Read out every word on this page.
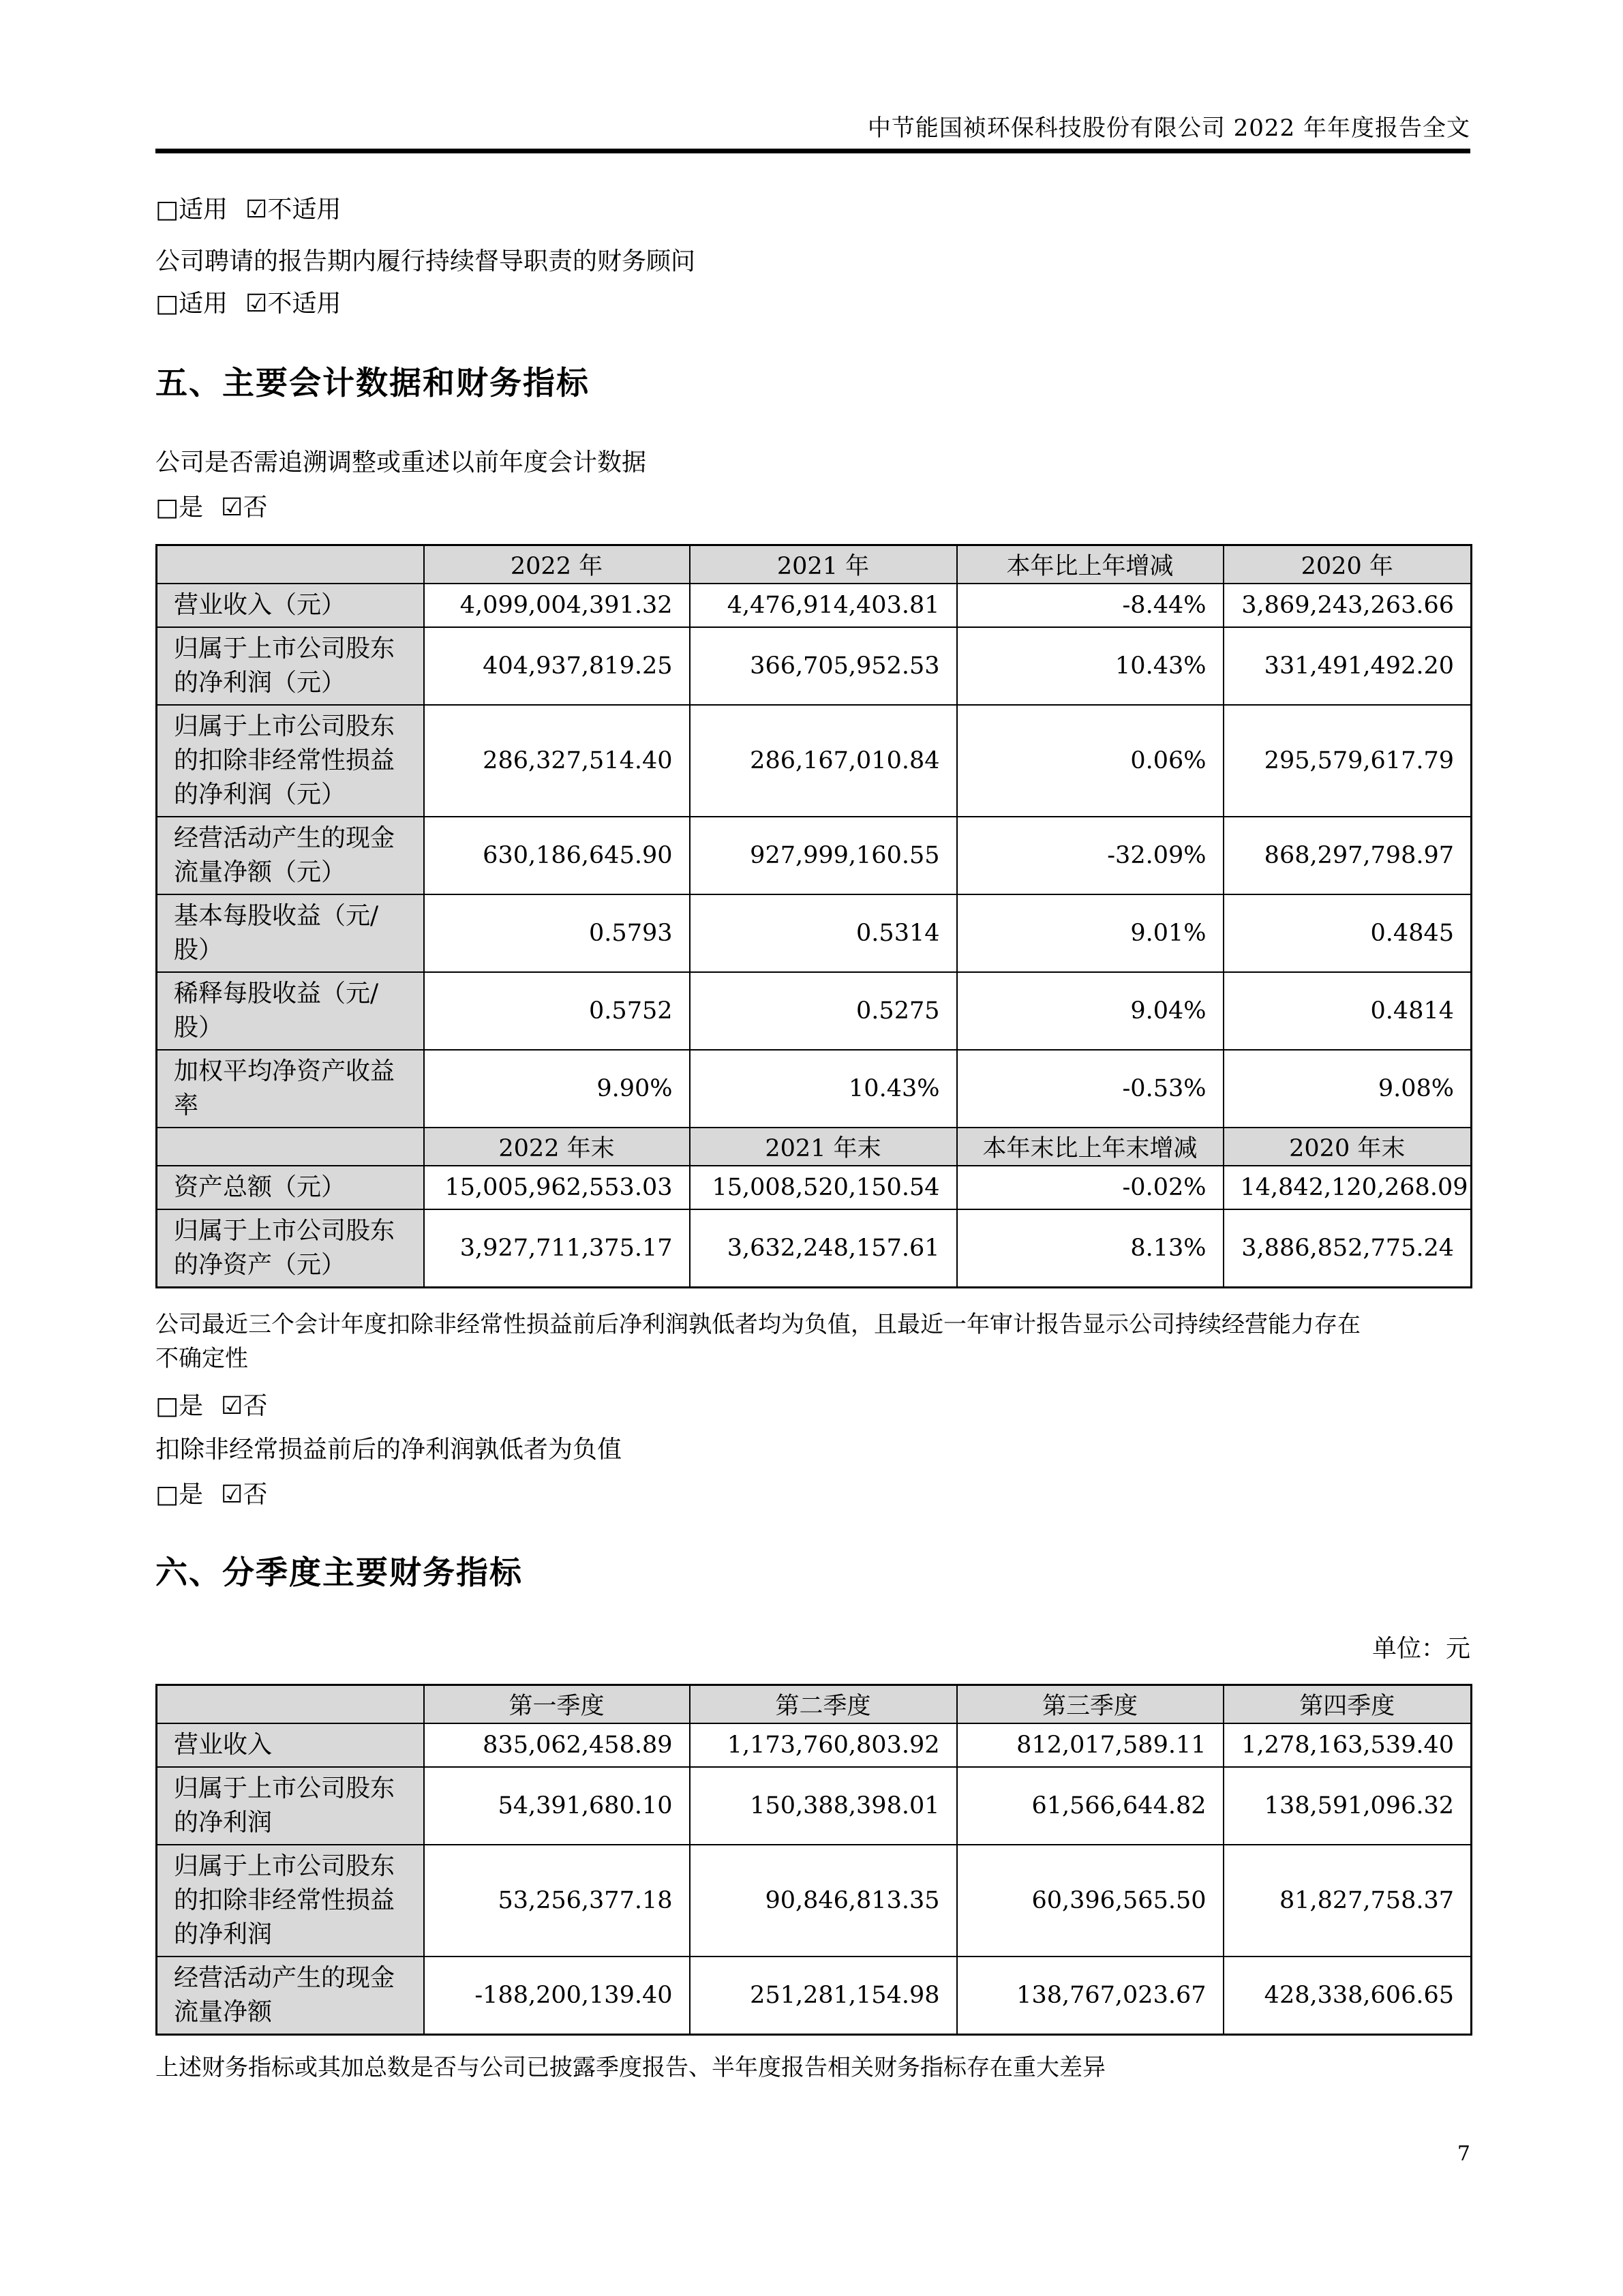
中节能国祯环保科技股份有限公司 2022 年年度报告全文
□适用 ☑不适用
公司聘请的报告期内履行持续督导职责的财务顾问
□适用 ☑不适用
五、主要会计数据和财务指标
公司是否需追溯调整或重述以前年度会计数据
□是 ☑否
	2022 年	2021 年	本年比上年增减	2020 年
营业收入（元）	4,099,004,391.32	4,476,914,403.81	-8.44%	3,869,243,263.66
归属于上市公司股东的净利润（元）	404,937,819.25	366,705,952.53	10.43%	331,491,492.20
归属于上市公司股东的扣除非经常性损益的净利润（元）	286,327,514.40	286,167,010.84	0.06%	295,579,617.79
经营活动产生的现金流量净额（元）	630,186,645.90	927,999,160.55	-32.09%	868,297,798.97
基本每股收益（元/股）	0.5793	0.5314	9.01%	0.4845
稀释每股收益（元/股）	0.5752	0.5275	9.04%	0.4814
加权平均净资产收益率	9.90%	10.43%	-0.53%	9.08%
	2022 年末	2021 年末	本年末比上年末增减	2020 年末
资产总额（元）	15,005,962,553.03	15,008,520,150.54	-0.02%	14,842,120,268.09
归属于上市公司股东的净资产（元）	3,927,711,375.17	3,632,248,157.61	8.13%	3,886,852,775.24
公司最近三个会计年度扣除非经常性损益前后净利润孰低者均为负值，且最近一年审计报告显示公司持续经营能力存在
不确定性
□是 ☑否
扣除非经常损益前后的净利润孰低者为负值
□是 ☑否
六、分季度主要财务指标
单位：元
	第一季度	第二季度	第三季度	第四季度
营业收入	835,062,458.89	1,173,760,803.92	812,017,589.11	1,278,163,539.40
归属于上市公司股东的净利润	54,391,680.10	150,388,398.01	61,566,644.82	138,591,096.32
归属于上市公司股东的扣除非经常性损益的净利润	53,256,377.18	90,846,813.35	60,396,565.50	81,827,758.37
经营活动产生的现金流量净额	-188,200,139.40	251,281,154.98	138,767,023.67	428,338,606.65
上述财务指标或其加总数是否与公司已披露季度报告、半年度报告相关财务指标存在重大差异
7
